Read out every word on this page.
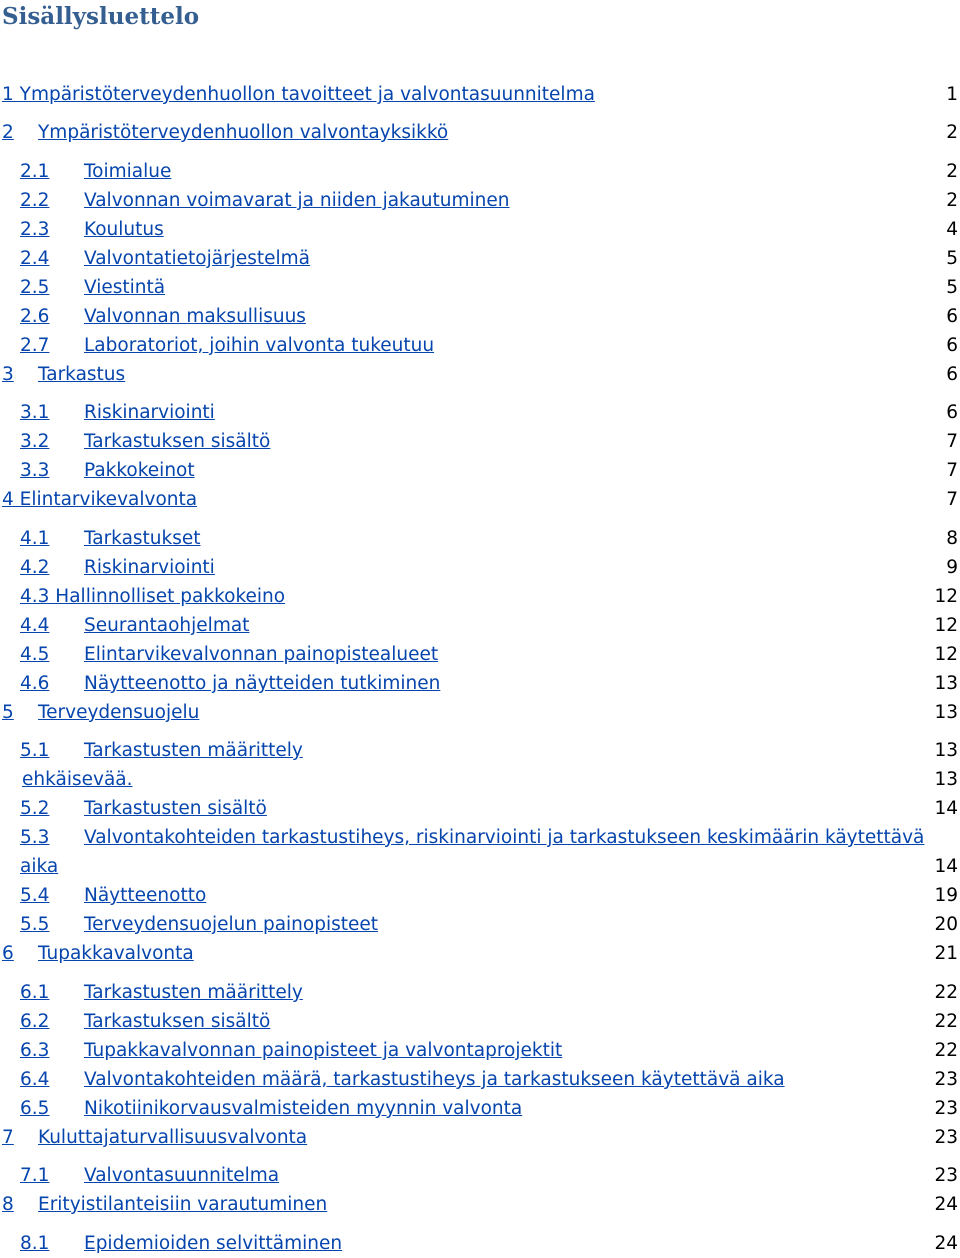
Sisällysluettelo
1 Ympäristöterveydenhuollon tavoitteet ja valvontasuunnitelma	1
2 Ympäristöterveydenhuollon valvontayksikkö	2
2.1 Toimialue	2
2.2 Valvonnan voimavarat ja niiden jakautuminen	2
2.3 Koulutus	4
2.4 Valvontatietojärjestelmä	5
2.5 Viestintä	5
2.6 Valvonnan maksullisuus	6
2.7 Laboratoriot, joihin valvonta tukeutuu	6
3 Tarkastus	6
3.1 Riskinarviointi	6
3.2 Tarkastuksen sisältö	7
3.3 Pakkokeinot	7
4 Elintarvikevalvonta	7
4.1 Tarkastukset	8
4.2 Riskinarviointi	9
4.3 Hallinnolliset pakkokeino	12
4.4 Seurantaohjelmat	12
4.5 Elintarvikevalvonnan painopistealueet	12
4.6 Näytteenotto ja näytteiden tutkiminen	13
5 Terveydensuojelu	13
5.1 Tarkastusten määrittely	13
ehkäisevää.	13
5.2 Tarkastusten sisältö	14
5.3 Valvontakohteiden tarkastustiheys, riskinarviointi ja tarkastukseen keskimäärin käytettävä
aika	14
5.4 Näytteenotto	19
5.5 Terveydensuojelun painopisteet	20
6 Tupakkavalvonta	21
6.1 Tarkastusten määrittely	22
6.2 Tarkastuksen sisältö	22
6.3 Tupakkavalvonnan painopisteet ja valvontaprojektit	22
6.4 Valvontakohteiden määrä, tarkastustiheys ja tarkastukseen käytettävä aika	23
6.5 Nikotiinikorvausvalmisteiden myynnin valvonta	23
7 Kuluttajaturvallisuusvalvonta	23
7.1 Valvontasuunnitelma	23
8 Erityistilanteisiin varautuminen	24
8.1 Epidemioiden selvittäminen	24
